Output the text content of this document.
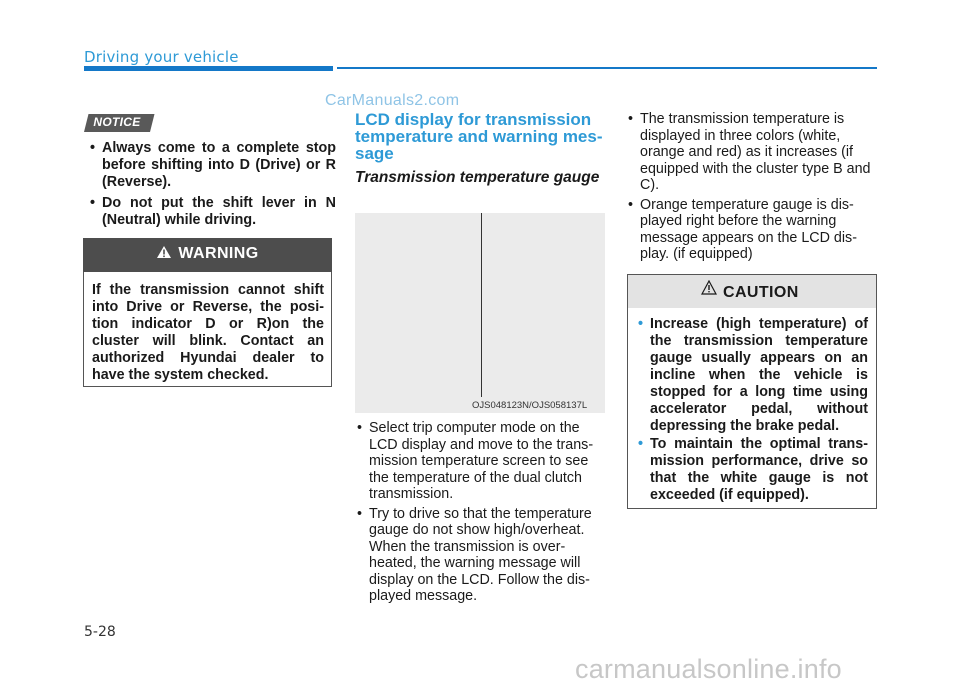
Driving your vehicle
CarManuals2.com
NOTICE
• Always come to a complete stop before shifting into D (Drive) or R (Reverse).
• Do not put the shift lever in N (Neutral) while driving.
WARNING
If the transmission cannot shift into Drive or Reverse, the posi- tion indicator D or R)on the cluster will blink. Contact an authorized Hyundai dealer to have the system checked.
LCD display for transmission temperature and warning mes- sage
Transmission temperature gauge
OJS048123N/OJS058137L
• Select trip computer mode on the LCD display and move to the trans- mission temperature screen to see the temperature of the dual clutch transmission.
• Try to drive so that the temperature gauge do not show high/overheat. When the transmission is over- heated, the warning message will display on the LCD. Follow the dis- played message.
• The transmission temperature is displayed in three colors (white, orange and red) as it increases (if equipped with the cluster type B and C).
• Orange temperature gauge is dis- played right before the warning message appears on the LCD dis- play. (if equipped)
CAUTION
• Increase (high temperature) of the transmission temperature gauge usually appears on an incline when the vehicle is stopped for a long time using accelerator pedal, without depressing the brake pedal.
• To maintain the optimal trans- mission performance, drive so that the white gauge is not exceeded (if equipped).
5-28
carmanualsonline.info
